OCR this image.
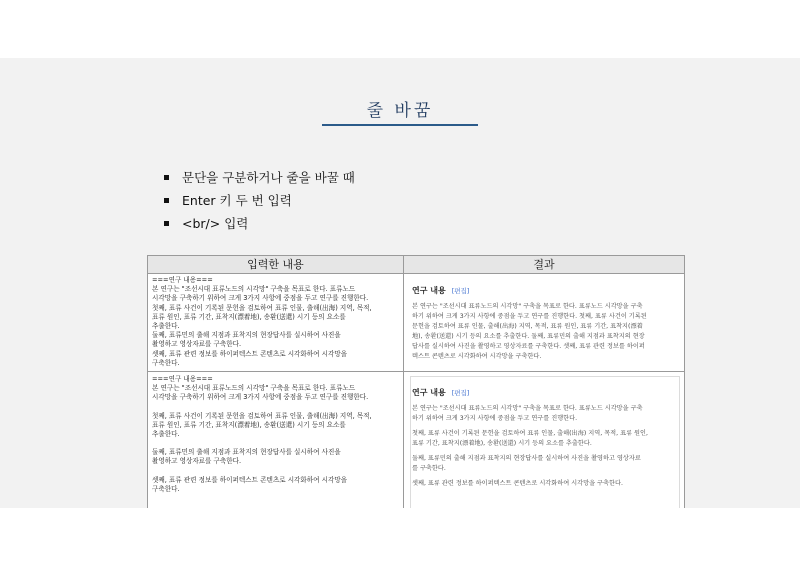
줄 바꿈
문단을 구분하거나 줄을 바꿀 때
Enter 키 두 번 입력
<br/> 입력
입력한 내용	결과

===연구 내용===

본 연구는 "조선시대 표류노드의 시각망" 구축을 목표로 한다. 표류노드

시각망을 구축하기 위하여 크게 3가지 사항에 중점을 두고 연구를 진행한다.

첫째, 표류 사건이 기록된 문헌을 검토하여 표류 인물, 출해(出海) 지역, 목적,

표류 원인, 표류 기간, 표착지(漂着地), 송환(送還) 시기 등의 요소를

추출한다.

둘째, 표류민의 출해 지점과 표착지의 현장답사를 실시하여 사진을

촬영하고 영상자료를 구축한다.

셋째, 표류 관련 정보를 하이퍼텍스트 콘텐츠로 시각화하여 시각망을

구축한다.

===연구 내용===

본 연구는 "조선시대 표류노드의 시각망" 구축을 목표로 한다. 표류노드

시각망을 구축하기 위하여 크게 3가지 사항에 중점을 두고 연구를 진행한다.

첫째, 표류 사건이 기록된 문헌을 검토하여 표류 인물, 출해(出海) 지역, 목적,

표류 원인, 표류 기간, 표착지(漂着地), 송환(送還) 시기 등의 요소를

추출한다.

둘째, 표류민의 출해 지점과 표착지의 현장답사를 실시하여 사진을

촬영하고 영상자료를 구축한다.

셋째, 표류 관련 정보를 하이퍼텍스트 콘텐츠로 시각화하여 시각망을

구축한다.

연구 내용 [편집]

본 연구는 "조선시대 표류노드의 시각망" 구축을 목표로 한다. 표류노드 시각망을 구축

하기 위하여 크게 3가지 사항에 중점을 두고 연구를 진행한다. 첫째, 표류 사건이 기록된

문헌을 검토하여 표류 인물, 출해(出海) 지역, 목적, 표류 원인, 표류 기간, 표착지(漂着

地), 송환(送還) 시기 등의 요소를 추출한다. 둘째, 표류민의 출해 지점과 표착지의 현장

답사를 실시하여 사진을 촬영하고 영상자료를 구축한다. 셋째, 표류 관련 정보를 하이퍼

텍스트 콘텐츠로 시각화하여 시각망을 구축한다.

연구 내용 [편집]

본 연구는 "조선시대 표류노드의 시각망" 구축을 목표로 한다. 표류노드 시각망을 구축

하기 위하여 크게 3가지 사항에 중점을 두고 연구를 진행한다.

첫째, 표류 사건이 기록된 문헌을 검토하여 표류 인물, 출해(出海) 지역, 목적, 표류 원인,

표류 기간, 표착지(漂着地), 송환(送還) 시기 등의 요소를 추출한다.

둘째, 표류민의 출해 지점과 표착지의 현장답사를 실시하여 사진을 촬영하고 영상자료

를 구축한다.

셋째, 표류 관련 정보를 하이퍼텍스트 콘텐츠로 시각화하여 시각망을 구축한다.
